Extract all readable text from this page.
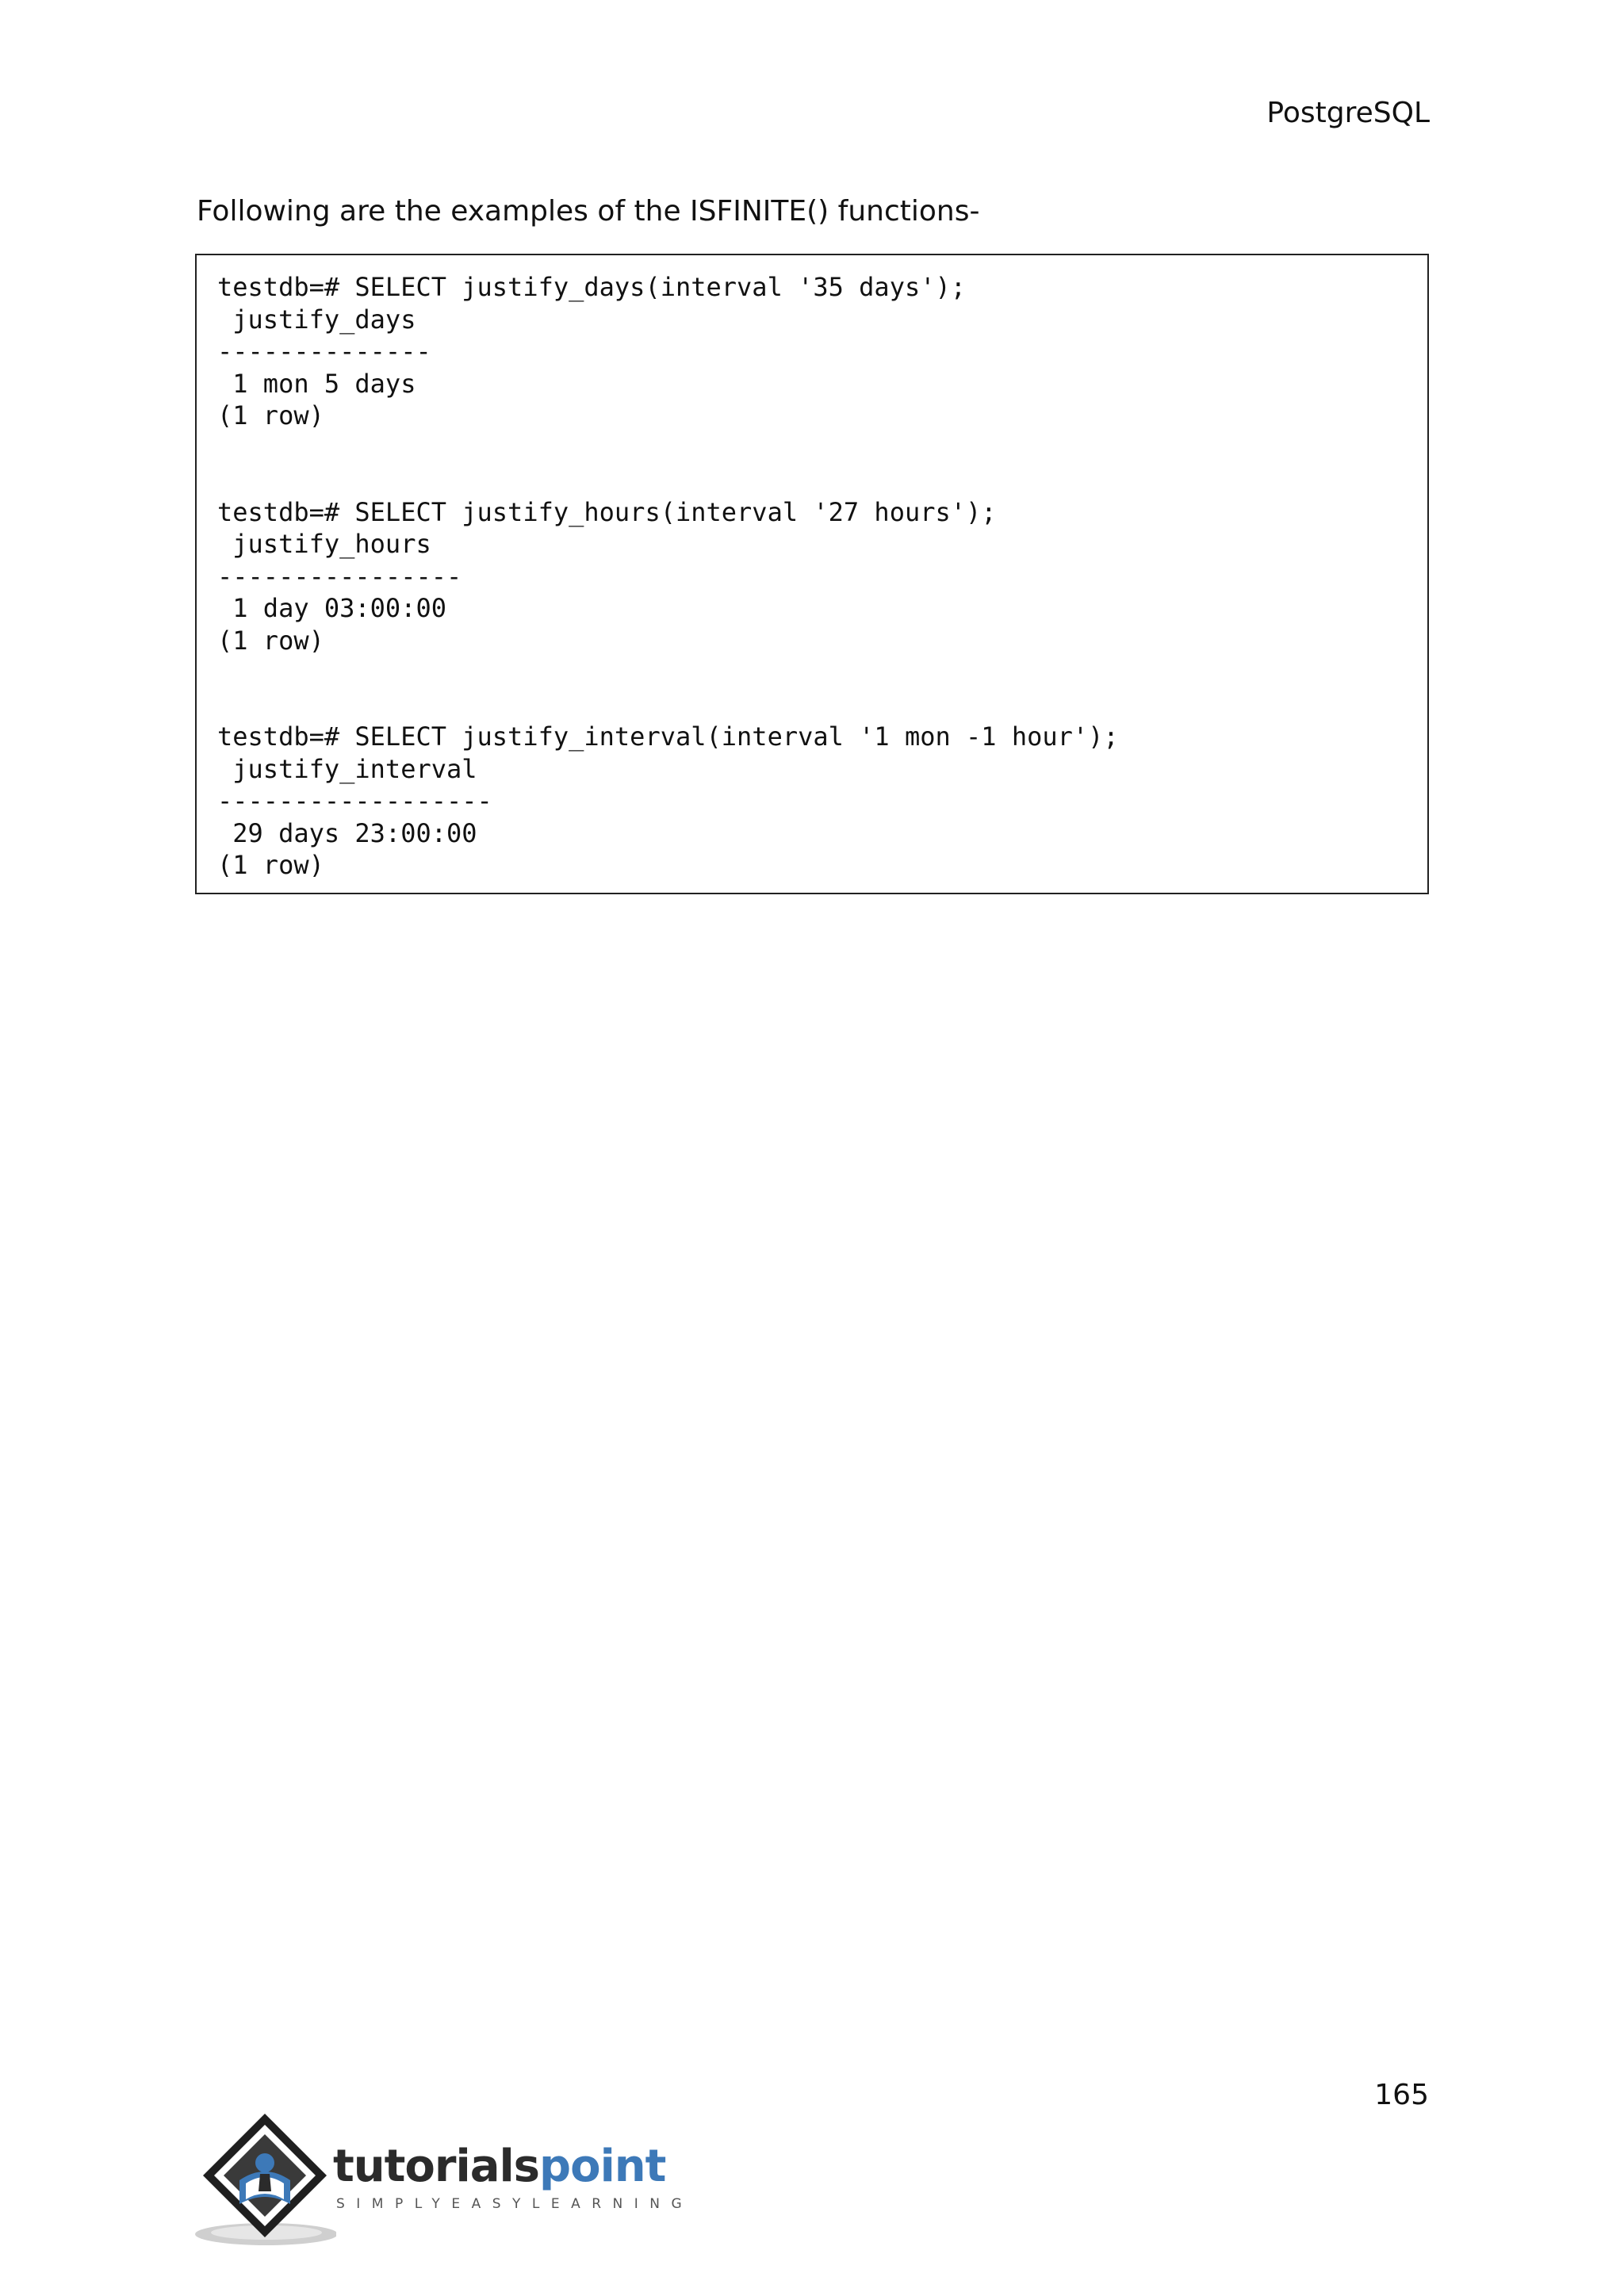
PostgreSQL
Following are the examples of the ISFINITE() functions-
testdb=# SELECT justify_days(interval '35 days');
justify_days
--------------
1 mon 5 days
(1 row)
testdb=# SELECT justify_hours(interval '27 hours');
justify_hours
----------------
1 day 03:00:00
(1 row)
testdb=# SELECT justify_interval(interval '1 mon -1 hour');
justify_interval
------------------
29 days 23:00:00
(1 row)
165
tutorialspoint
SIMPLYEASYLEARNING
